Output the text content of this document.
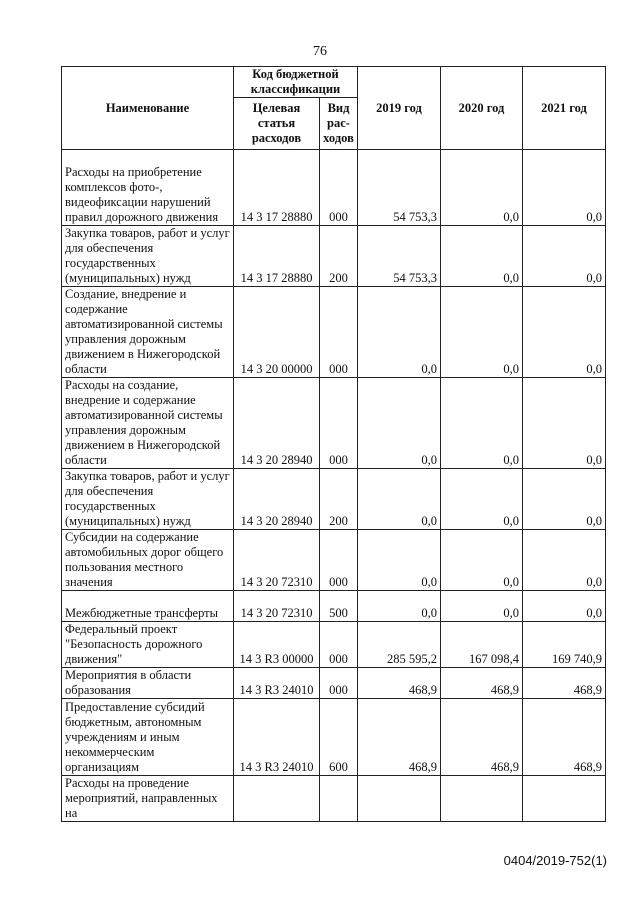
76
Наименование	Код бюджетной классификации		2019 год	2020 год	2021 год
	Целевая статья расходов	Вид рас- ходов			
Расходы на приобретение комплексов фото-, видеофиксации нарушений правил дорожного движения	14 3 17 28880	000	54 753,3	0,0	0,0
Закупка товаров, работ и услуг для обеспечения государственных (муниципальных) нужд	14 3 17 28880	200	54 753,3	0,0	0,0
Создание, внедрение и содержание автоматизированной системы управления дорожным движением в Нижегородской области	14 3 20 00000	000	0,0	0,0	0,0
Расходы на создание, внедрение и содержание автоматизированной системы управления дорожным движением в Нижегородской области	14 3 20 28940	000	0,0	0,0	0,0
Закупка товаров, работ и услуг для обеспечения государственных (муниципальных) нужд	14 3 20 28940	200	0,0	0,0	0,0
Субсидии на содержание автомобильных дорог общего пользования местного значения	14 3 20 72310	000	0,0	0,0	0,0
Межбюджетные трансферты	14 3 20 72310	500	0,0	0,0	0,0
Федеральный проект "Безопасность дорожного движения"	14 3 R3 00000	000	285 595,2	167 098,4	169 740,9
Мероприятия в области образования	14 3 R3 24010	000	468,9	468,9	468,9
Предоставление субсидий бюджетным, автономным учреждениям и иным некоммерческим организациям	14 3 R3 24010	600	468,9	468,9	468,9
Расходы на проведение мероприятий, направленных на					
0404/2019-752(1)
